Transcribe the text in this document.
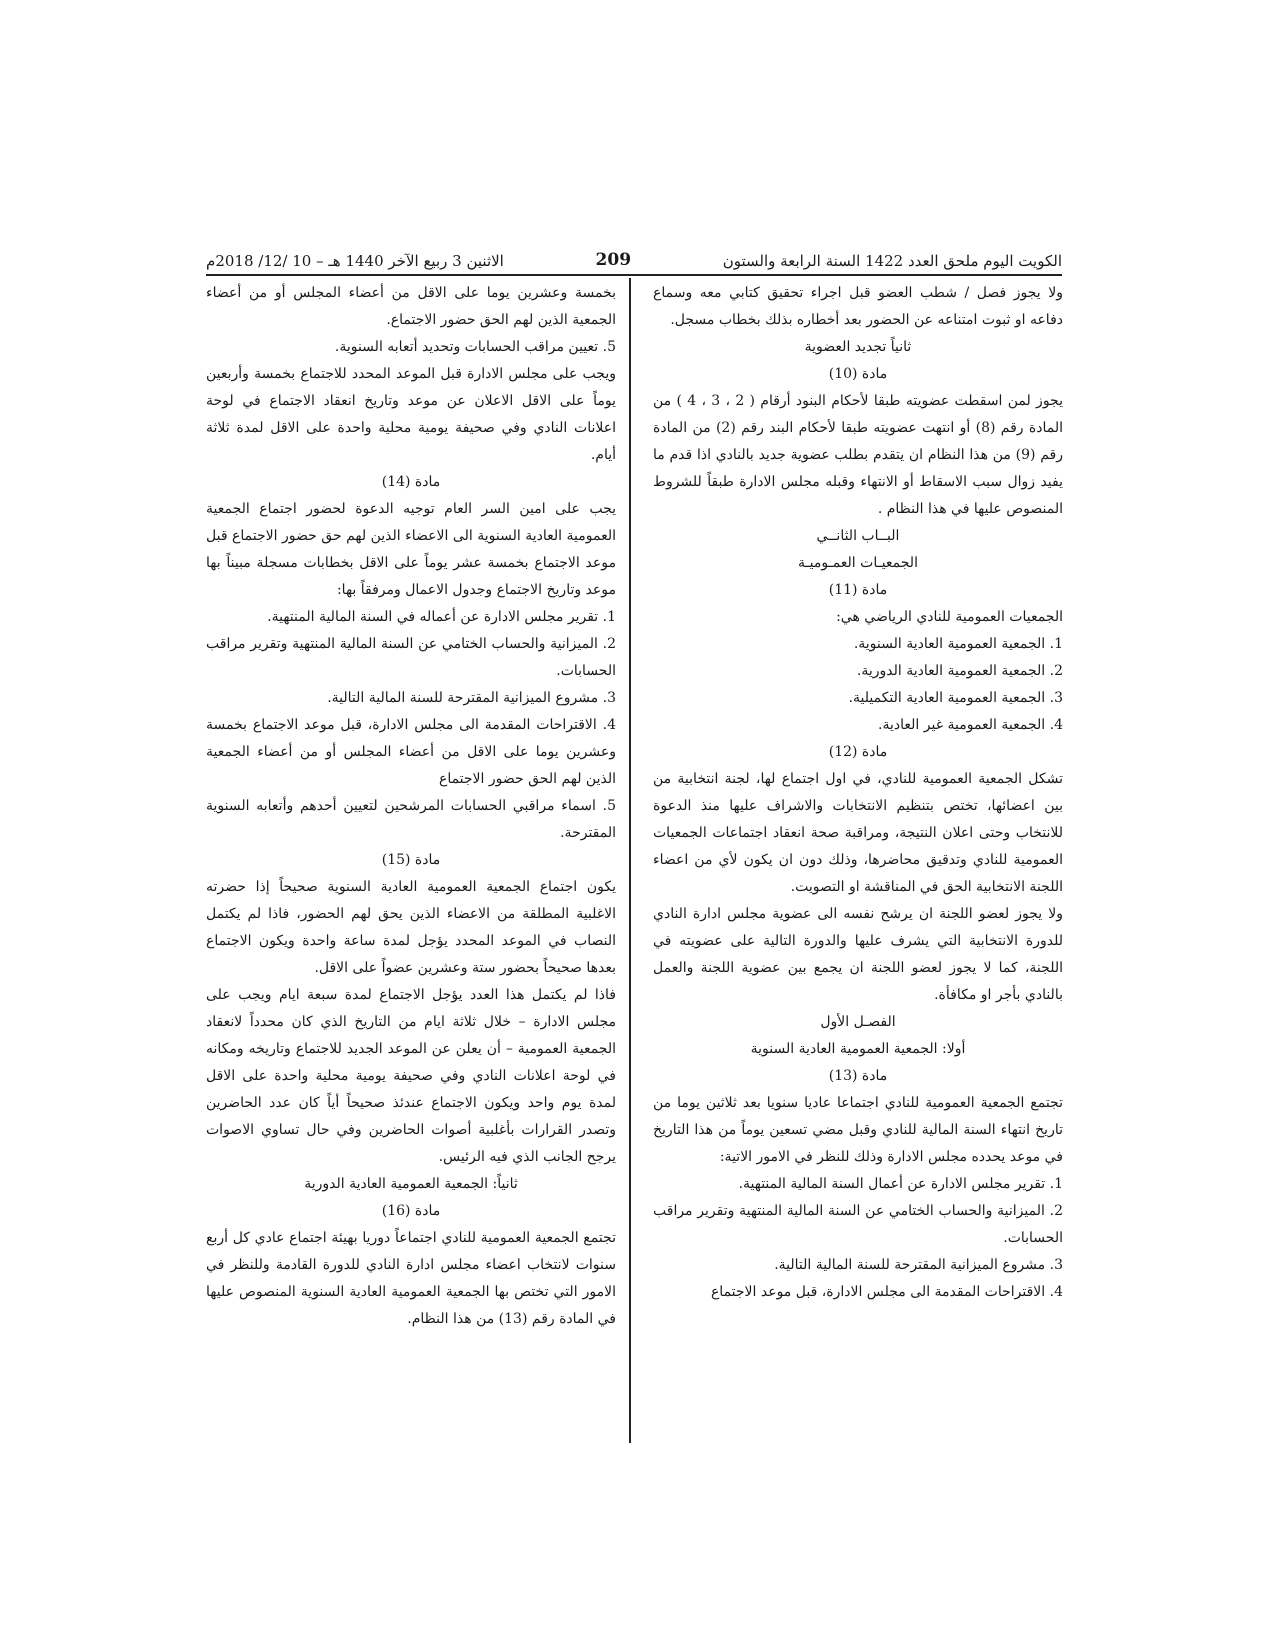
الكويت اليوم ملحق العدد 1422 السنة الرابعة والستون
209
الاثنين 3 ربيع الآخر 1440 هـ – 10 /12/ 2018م

ولا يجوز فصل / شطب العضو قبل اجراء تحقيق كتابي معه وسماع دفاعه او ثبوت امتناعه عن الحضور بعد أخطاره بذلك بخطاب مسجل.

ثانياً تجديد العضوية

مادة (10)

يجوز لمن اسقطت عضويته طبقا لأحكام البنود أرقام ( 2 ، 3 ، 4 ) من المادة رقم (8) أو انتهت عضويته طبقا لأحكام البند رقم (2) من المادة رقم (9) من هذا النظام ان يتقدم بطلب عضوية جديد بالنادي اذا قدم ما يفيد زوال سبب الاسقاط أو الانتهاء وقبله مجلس الادارة طبقاً للشروط المنصوص عليها في هذا النظام .

البــاب الثانــي

الجمعيـات العمـوميـة

مادة (11)

الجمعيات العمومية للنادي الرياضي هي:

1. الجمعية العمومية العادية السنوية.

2. الجمعية العمومية العادية الدورية.

3. الجمعية العمومية العادية التكميلية.

4. الجمعية العمومية غير العادية.

مادة (12)

تشكل الجمعية العمومية للنادي، في اول اجتماع لها، لجنة انتخابية من بين اعضائها، تختص بتنظيم الانتخابات والاشراف عليها منذ الدعوة للانتخاب وحتى اعلان النتيجة، ومراقبة صحة انعقاد اجتماعات الجمعيات العمومية للنادي وتدقيق محاضرها، وذلك دون ان يكون لأي من اعضاء اللجنة الانتخابية الحق في المناقشة او التصويت.

ولا يجوز لعضو اللجنة ان يرشح نفسه الى عضوية مجلس ادارة النادي للدورة الانتخابية التي يشرف عليها والدورة التالية على عضويته في اللجنة، كما لا يجوز لعضو اللجنة ان يجمع بين عضوية اللجنة والعمل بالنادي بأجر او مكافأة.

الفصـل الأول

أولا: الجمعية العمومية العادية السنوية

مادة (13)

تجتمع الجمعية العمومية للنادي اجتماعا عاديا سنويا بعد ثلاثين يوما من تاريخ انتهاء السنة المالية للنادي وقبل مضي تسعين يوماً من هذا التاريخ في موعد يحدده مجلس الادارة وذلك للنظر في الامور الاتية:

1. تقرير مجلس الادارة عن أعمال السنة المالية المنتهية.

2. الميزانية والحساب الختامي عن السنة المالية المنتهية وتقرير مراقب الحسابات.

3. مشروع الميزانية المقترحة للسنة المالية التالية.

4. الاقتراحات المقدمة الى مجلس الادارة، قبل موعد الاجتماع

بخمسة وعشرين يوما على الاقل من أعضاء المجلس أو من أعضاء الجمعية الذين لهم الحق حضور الاجتماع.

5. تعيين مراقب الحسابات وتحديد أتعابه السنوية.

ويجب على مجلس الادارة قبل الموعد المحدد للاجتماع بخمسة وأربعين يوماً على الاقل الاعلان عن موعد وتاريخ انعقاد الاجتماع في لوحة اعلانات النادي وفي صحيفة يومية محلية واحدة على الاقل لمدة ثلاثة أيام.

مادة (14)

يجب على امين السر العام توجيه الدعوة لحضور اجتماع الجمعية العمومية العادية السنوية الى الاعضاء الذين لهم حق حضور الاجتماع قبل موعد الاجتماع بخمسة عشر يوماً على الاقل بخطابات مسجلة مبيناً بها موعد وتاريخ الاجتماع وجدول الاعمال ومرفقاً بها:

1. تقرير مجلس الادارة عن أعماله في السنة المالية المنتهية.

2. الميزانية والحساب الختامي عن السنة المالية المنتهية وتقرير مراقب الحسابات.

3. مشروع الميزانية المقترحة للسنة المالية التالية.

4. الاقتراحات المقدمة الى مجلس الادارة، قبل موعد الاجتماع بخمسة وعشرين يوما على الاقل من أعضاء المجلس أو من أعضاء الجمعية الذين لهم الحق حضور الاجتماع

5. اسماء مراقبي الحسابات المرشحين لتعيين أحدهم وأتعابه السنوية المقترحة.

مادة (15)

يكون اجتماع الجمعية العمومية العادية السنوية صحيحاً إذا حضرته الاغلبية المطلقة من الاعضاء الذين يحق لهم الحضور، فاذا لم يكتمل النصاب في الموعد المحدد يؤجل لمدة ساعة واحدة ويكون الاجتماع بعدها صحيحاً بحضور ستة وعشرين عضواً على الاقل.

فاذا لم يكتمل هذا العدد يؤجل الاجتماع لمدة سبعة ايام ويجب على مجلس الادارة – خلال ثلاثة ايام من التاريخ الذي كان محدداً لانعقاد الجمعية العمومية – أن يعلن عن الموعد الجديد للاجتماع وتاريخه ومكانه في لوحة اعلانات النادي وفي صحيفة يومية محلية واحدة على الاقل لمدة يوم واحد ويكون الاجتماع عندئذ صحيحاً أياً كان عدد الحاضرين وتصدر القرارات بأغلبية أصوات الحاضرين وفي حال تساوي الاصوات يرجح الجانب الذي فيه الرئيس.

ثانياً: الجمعية العمومية العادية الدورية

مادة (16)

تجتمع الجمعية العمومية للنادي اجتماعاً دوريا بهيئة اجتماع عادي كل أربع سنوات لانتخاب اعضاء مجلس ادارة النادي للدورة القادمة وللنظر في الامور التي تختص بها الجمعية العمومية العادية السنوية المنصوص عليها في المادة رقم (13) من هذا النظام.
